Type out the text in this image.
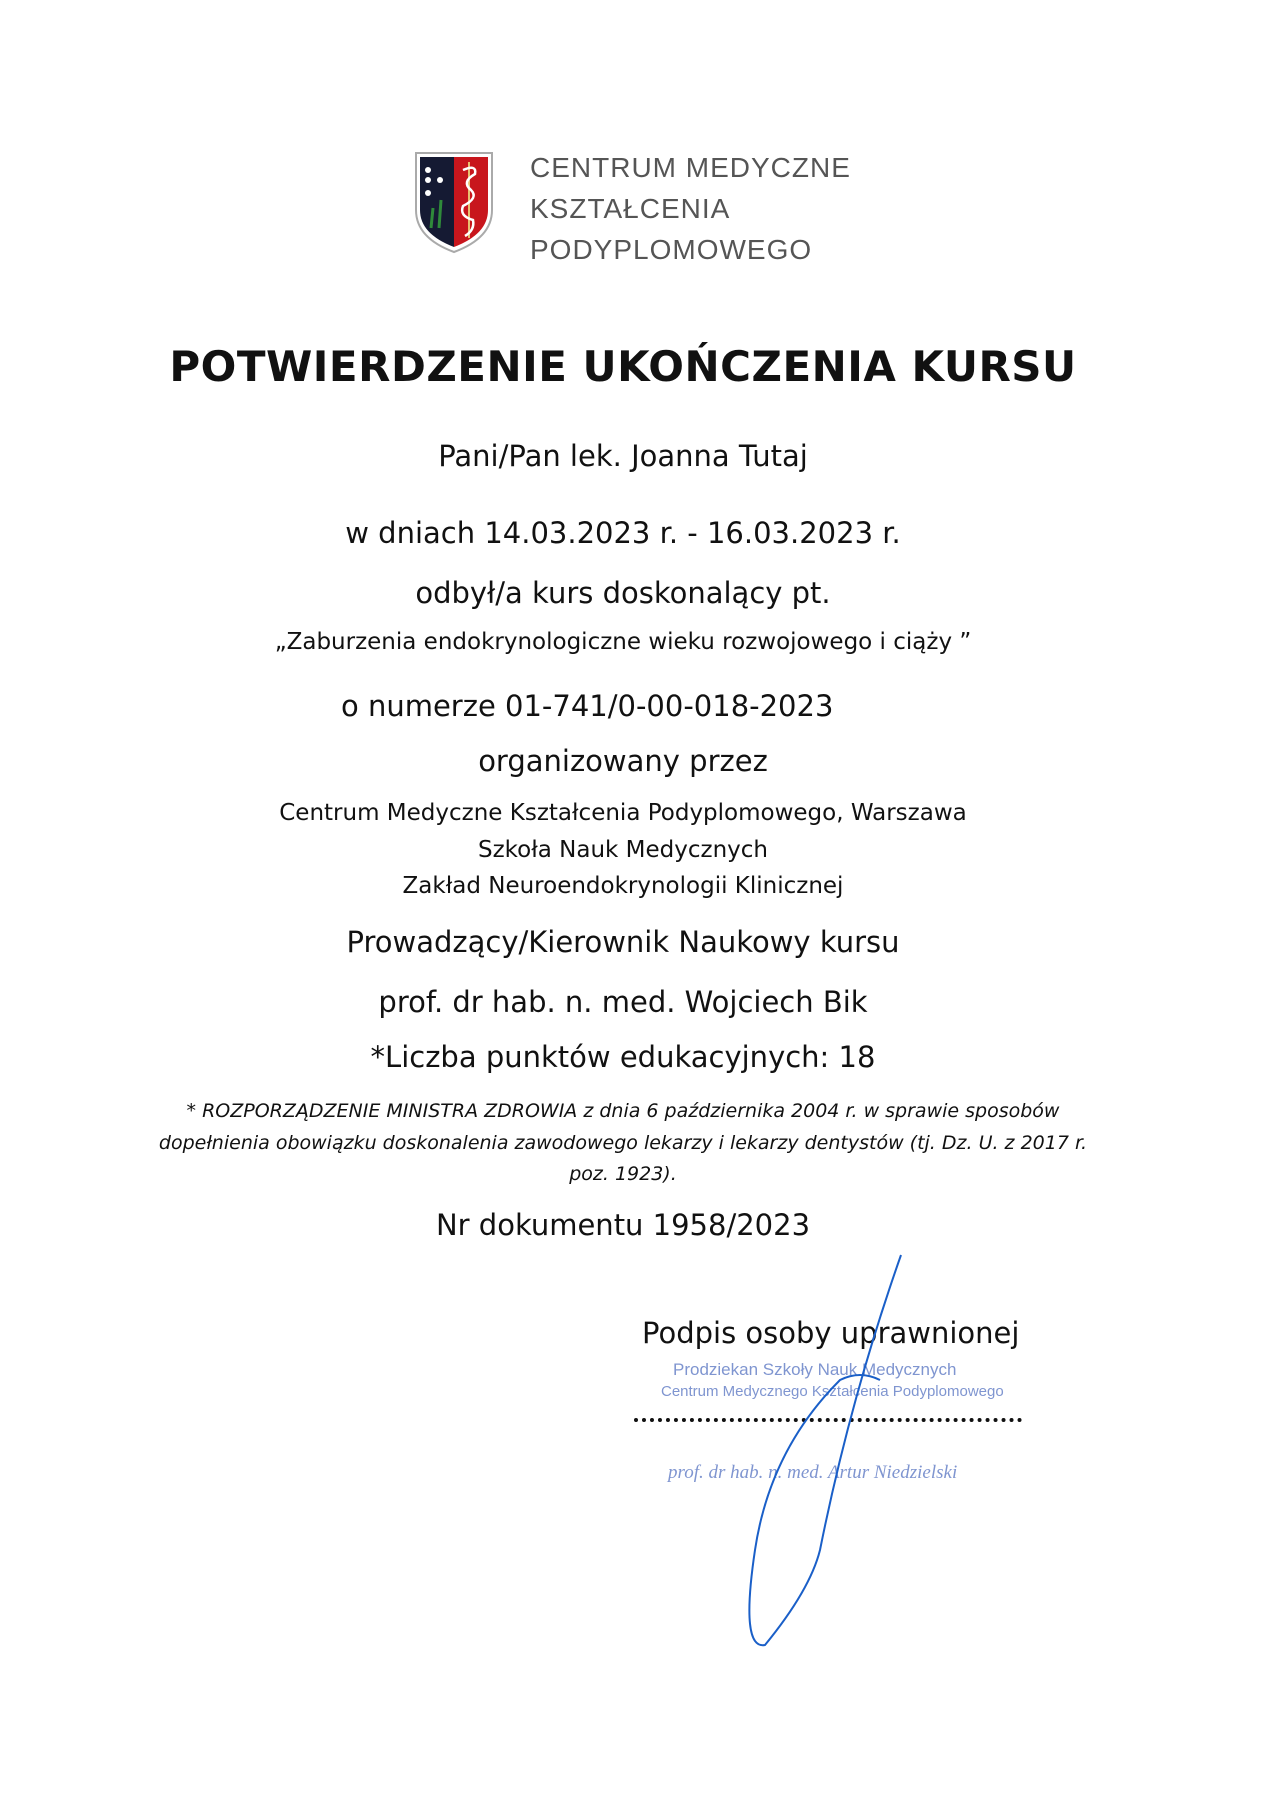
CENTRUM MEDYCZNE
KSZTAŁCENIA
PODYPLOMOWEGO
POTWIERDZENIE UKOŃCZENIA KURSU
Pani/Pan lek. Joanna Tutaj
w dniach 14.03.2023 r. - 16.03.2023 r.
odbył/a kurs doskonalący pt.
„Zaburzenia endokrynologiczne wieku rozwojowego i ciąży ”
o numerze 01-741/0-00-018-2023
organizowany przez
Centrum Medyczne Kształcenia Podyplomowego, Warszawa
Szkoła Nauk Medycznych
Zakład Neuroendokrynologii Klinicznej
Prowadzący/Kierownik Naukowy kursu
prof. dr hab. n. med. Wojciech Bik
*Liczba punktów edukacyjnych: 18
* ROZPORZĄDZENIE MINISTRA ZDROWIA z dnia 6 października 2004 r. w sprawie sposobów
dopełnienia obowiązku doskonalenia zawodowego lekarzy i lekarzy dentystów (tj. Dz. U. z 2017 r.
poz. 1923).
Nr dokumentu 1958/2023
Podpis osoby uprawnionej
Prodziekan Szkoły Nauk Medycznych
Centrum Medycznego Kształcenia Podyplomowego
prof. dr hab. n. med. Artur Niedzielski
